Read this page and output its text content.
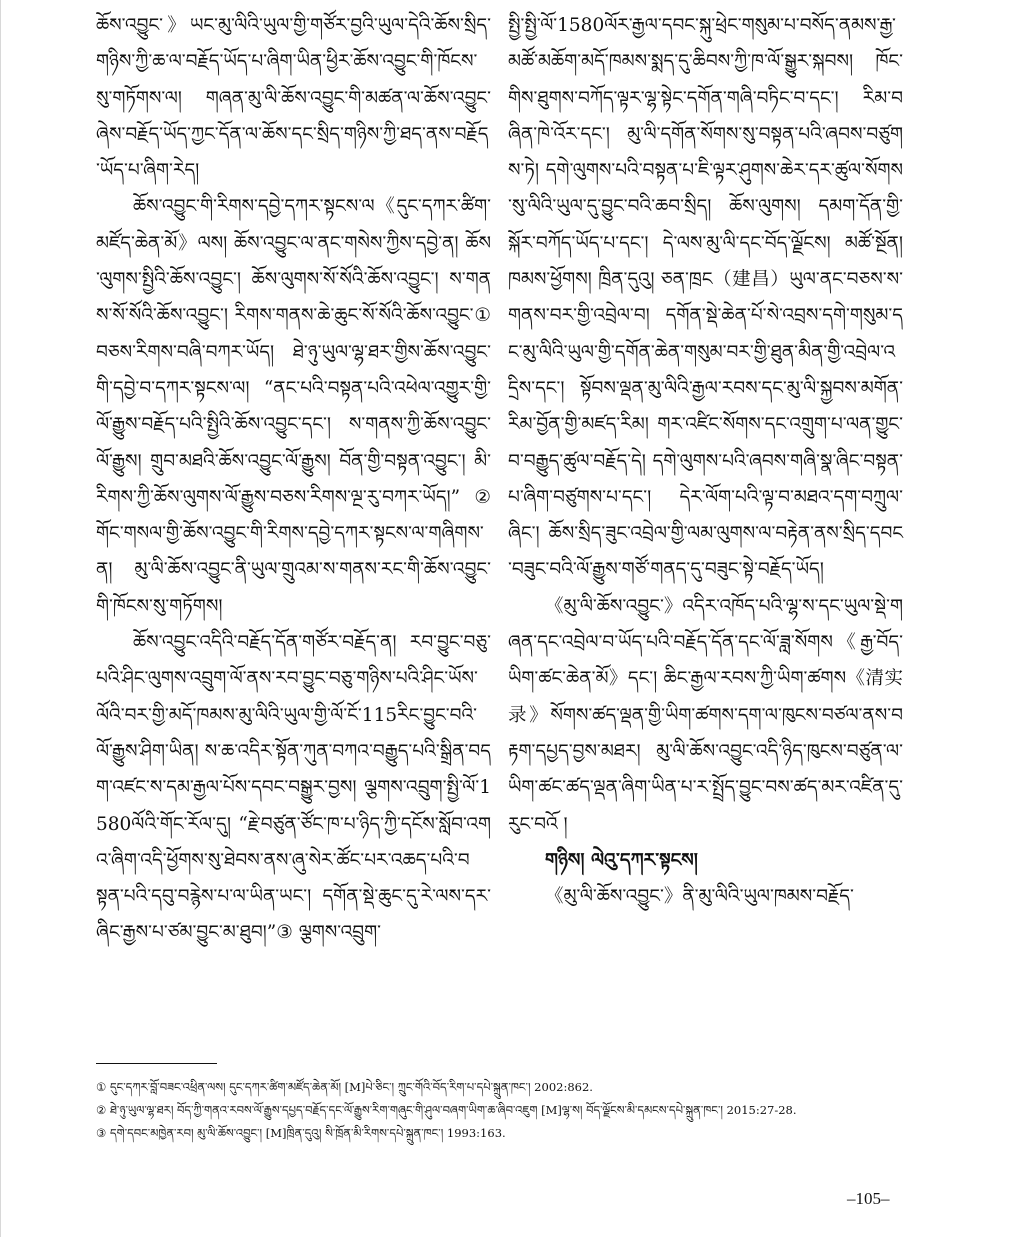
ཆོས་འབྱུང་》ཡང་མུ་ལིའི་ཡུལ་གྱི་གཙོར་བྱའི་ཡུལ་དེའི་ཆོས་སྲིད་གཉིས་ཀྱི་ཆ་ལ་བརྗོད་ཡོད་པ་ཞིག་ཡིན་ཕྱིར་ཆོས་འབྱུང་གི་ཁོངས་སུ་གཏོགས་ལ། གཞན་མུ་ལི་ཆོས་འབྱུང་གི་མཚན་ལ་ཆོས་འབྱུང་ཞེས་བརྗོད་ཡོད་ཀྱང་དོན་ལ་ཆོས་དང་སྲིད་གཉིས་ཀྱི་ཐད་ནས་བརྗོད་ཡོད་པ་ཞིག་རེད།

ཆོས་འབྱུང་གི་རིགས་དབྱེ་དཀར་སྟངས་ལ《དུང་དཀར་ཚིག་མཛོད་ཆེན་མོ》ལས། ཆོས་འབྱུང་ལ་ནང་གསེས་ཀྱིས་དབྱེ་ན། ཆོས་ལུགས་སྤྱིའི་ཆོས་འབྱུང་། ཆོས་ལུགས་སོ་སོའི་ཆོས་འབྱུང་། ས་གནས་སོ་སོའི་ཆོས་འབྱུང་། རིགས་གནས་ཆེ་ཆུང་སོ་སོའི་ཆོས་འབྱུང་①བཅས་རིགས་བཞི་བཀར་ཡོད། ཐེ་ཉུ་ཡུལ་ལྷ་ཐར་གྱིས་ཆོས་འབྱུང་གི་དབྱེ་བ་དཀར་སྟངས་ལ། “ནང་པའི་བསྟན་པའི་འཕེལ་འགྱུར་གྱི་ལོ་རྒྱུས་བརྗོད་པའི་སྤྱིའི་ཆོས་འབྱུང་དང་། ས་གནས་ཀྱི་ཆོས་འབྱུང་ལོ་རྒྱུས། གྲུབ་མཐའི་ཆོས་འབྱུང་ལོ་རྒྱུས། བོན་གྱི་བསྟན་འབྱུང་། མི་རིགས་ཀྱི་ཆོས་ལུགས་ལོ་རྒྱུས་བཅས་རིགས་ལྔ་རུ་བཀར་ཡོད།”② གོང་གསལ་གྱི་ཆོས་འབྱུང་གི་རིགས་དབྱེ་དཀར་སྟངས་ལ་གཞིགས་ན། མུ་ལི་ཆོས་འབྱུང་ནི་ཡུལ་གྲུའམ་ས་གནས་རང་གི་ཆོས་འབྱུང་གི་ཁོངས་སུ་གཏོགས།

ཆོས་འབྱུང་འདིའི་བརྗོད་དོན་གཙོར་བརྗོད་ན། རབ་བྱུང་བཅུ་པའི་ཤིང་ལུགས་འབྲུག་ལོ་ནས་རབ་བྱུང་བཅུ་གཉིས་པའི་ཤིང་ཡོས་ལོའི་བར་གྱི་མདོ་ཁམས་མུ་ལིའི་ཡུལ་གྱི་ལོ་ངོ་115རིང་བྱུང་བའི་ལོ་རྒྱུས་ཤིག་ཡིན། ས་ཆ་འདིར་སྟོན་ཀུན་བཀའ་བརྒྱུད་པའི་སྒྲིན་བདག་འཛང་ས་དམ་རྒྱལ་པོས་དབང་བསྒྱུར་བྱས། ལྕགས་འབྲུག་སྤྱི་ལོ་1580ལོའི་གོང་རོལ་དུ། “རྗེ་བཙུན་ཙོང་ཁ་པ་ཉིད་ཀྱི་དངོས་སློབ་འགའ་ཞིག་འདི་ཕྱོགས་སུ་ཐེབས་ནས་ཞུ་སེར་ཚོང་པར་འཆད་པའི་བསྟན་པའི་དབུ་བརྙེས་པ་ལ་ཡིན་ཡང་། དགོན་སྡེ་ཆུང་དུ་རེ་ལས་དར་ཞིང་རྒྱས་པ་ཙམ་བྱུང་མ་ཐུབ།”③ ལྕགས་འབྲུག་

སྤྱི་སྤྱི་ལོ་1580ལོར་རྒྱལ་དབང་སྐུ་ཕྲེང་གསུམ་པ་བསོད་ནམས་རྒྱ་མཚོ་མཆོག་མདོ་ཁམས་སྨད་དུ་ཆིབས་ཀྱི་ཁ་ལོ་སྒྱུར་སྐབས། ཁོང་གིས་ཐུགས་བཀོད་ལྟར་ལྷ་སྟེང་དགོན་གཞི་བཏིང་བ་དང་། རིམ་བཞིན་ཁེ་འོར་དང་། མུ་ལི་དགོན་སོགས་སུ་བསྟན་པའི་ཞབས་བཙུགས་ཏེ། དགེ་ལུགས་པའི་བསྟན་པ་ཇི་ལྟར་ཤུགས་ཆེར་དར་ཚུལ་སོགས་སུ་ལིའི་ཡུལ་དུ་བྱུང་བའི་ཆབ་སྲིད། ཆོས་ལུགས། དམག་དོན་གྱི་སྐོར་བཀོད་ཡོད་པ་དང་། དེ་ལས་མུ་ལི་དང་བོད་ལྗོངས། མཚོ་སྔོན། ཁམས་ཕྱོགས། ཁྲིན་དུའུ། ཅན་ཁྲང（建昌）ཡུལ་ནང་བཅས་ས་གནས་བར་གྱི་འབྲེལ་བ། དགོན་སྡེ་ཆེན་པོ་སེ་འབྲས་དགེ་གསུམ་དང་མུ་ལིའི་ཡུལ་གྱི་དགོན་ཆེན་གསུམ་བར་གྱི་ཐུན་མིན་གྱི་འབྲེལ་འདྲིས་དང་། སྟོབས་ལྡན་མུ་ལིའི་རྒྱལ་རབས་དང་མུ་ལི་སྐྱབས་མགོན་རིམ་བྱོན་གྱི་མཛད་རིམ། གར་འཛིང་སོགས་དང་འགྲུག་པ་ལན་གྱུང་བ་བརྒྱུད་ཚུལ་བརྗོད་དེ། དགེ་ལུགས་པའི་ཞབས་གཞི་སྣ་ཞིང་བསྟན་པ་ཞིག་བཙུགས་པ་དང་། དེར་ལོག་པའི་ལྟ་བ་མཐའ་དག་བཀྲུལ་ཞིང་། ཆོས་སྲིད་ཟུང་འབྲེལ་གྱི་ལམ་ལུགས་ལ་བརྟེན་ནས་སྲིད་དབང་བཟུང་བའི་ལོ་རྒྱུས་གཙོ་གནད་དུ་བཟུང་སྟེ་བརྗོད་ཡོད།

《མུ་ལི་ཆོས་འབྱུང་》འདིར་འཁོད་པའི་ལྷ་ས་དང་ཡུལ་སྡེ་གཞན་དང་འབྲེལ་བ་ཡོད་པའི་བརྗོད་དོན་དང་ལོ་ཟླ་སོགས《རྒྱ་བོད་ཡིག་ཚང་ཆེན་མོ》དང་། ཆིང་རྒྱལ་རབས་ཀྱི་ཡིག་ཚགས《清实录》སོགས་ཚད་ལྡན་གྱི་ཡིག་ཚགས་དག་ལ་ཁུངས་བཙལ་ནས་བརྟག་དཔྱད་བྱས་མཐར། མུ་ལི་ཆོས་འབྱུང་འདི་ཉིད་ཁུངས་བཙུན་ལ་ཡིག་ཚང་ཚད་ལྡན་ཞིག་ཡིན་པ་ར་སྤྲོད་བྱུང་བས་ཚད་མར་འཛིན་དུ་རུང་བའོ །

གཉིས། ལེའུ་དཀར་སྟངས།

《མུ་ལི་ཆོས་འབྱུང་》ནི་མུ་ལིའི་ཡུལ་ཁམས་བརྗོད་

① དུང་དཀར་བློ་བཟང་འཕྲིན་ལས། དུང་དཀར་ཚིག་མཛོད་ཆེན་མོ། [M]པེ་ཅིང་། ཀྲུང་གོའི་བོད་རིག་པ་དཔེ་སྐྲུན་ཁང་། 2002:862.

② ཐེ་ཉུ་ཡུལ་ལྷ་ཐར། བོད་ཀྱི་གནའ་རབས་ལོ་རྒྱུས་དཔྱད་བརྗོད་དང་ལོ་རྒྱུས་རིག་གཞུང་གི་ཤུལ་བཞག་ཡིག་ཆ་ཞིབ་འཇུག [M]ལྷ་ས། བོད་ལྗོངས་མི་དམངས་དཔེ་སྐྲུན་ཁང་། 2015:27-28.

③ དགེ་དབང་མཁྱེན་རབ། མུ་ལི་ཆོས་འབྱུང་། [M]ཁྲིན་དུའུ། སི་ཁྲོན་མི་རིགས་དཔེ་སྐྲུན་ཁང་། 1993:163.

–105–
